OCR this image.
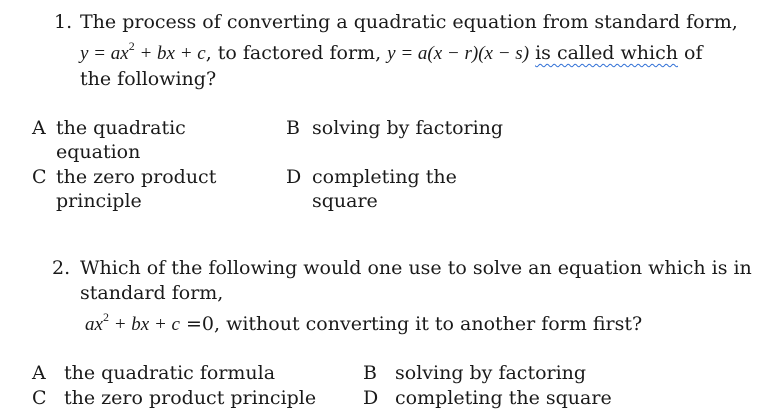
1. The process of converting a quadratic equation from standard form,
$y = ax^2$ + bx + c, to factored form, y = a(x − r)(x − s) is called which of
the following?
A the quadratic
equation
B solving by factoring
C the zero product
principle
D completing the
square
2. Which of the following would one use to solve an equation which is in
standard form,
$ax^2$ + bx + c =0, without converting it to another form first?
A the quadratic formula	B solving by factoring
C the zero product principle D completing the square
